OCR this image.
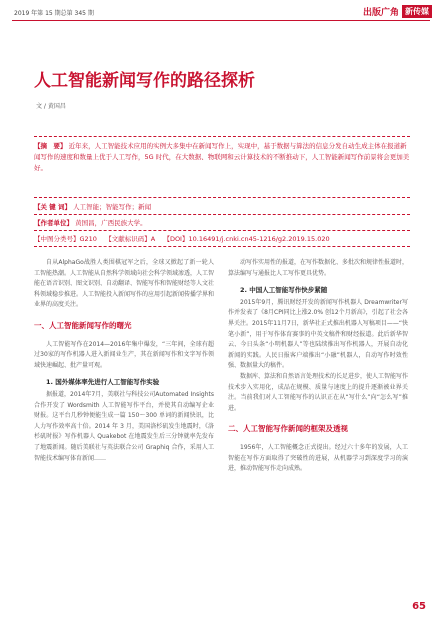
2019 年第 15 期总第 345 期	出版广角 新传媒
人工智能新闻写作的路径探析
文 / 黄国昌
【摘　要】 近年来，人工智能技术应用的实例大多集中在新闻写作上，实现中，基于数据与算法的信息分发自动生成主体在报道新闻写作的速度和数量上优于人工写作，5G 时代，在大数据、物联网和云计算技术的不断推动下，人工智能新闻写作前景将会更加美好。
【关 键 词】 人工智能；智能写作；新闻
【作者单位】 黄国昌，广西民族大学。
【中图分类号】G210 【文献标识码】A 【DOI】10.16491/j.cnki.cn45-1216/g2.2019.15.020

自从AlphaGo战胜人类围棋冠军之后，全球又掀起了新一轮人工智能热潮。人工智能从自然科学领域向社会科学领域渗透，人工智能在语音识别、图文识别、自动翻译、智能写作和智能财经等人文社科领域稳步推进。人工智能投入新闻写作的应用引起新闻传播学界和业界的高度关注。

一、人工智能新闻写作的曙光

人工智能写作在2014—2016年集中爆发，“三年间，全球有超过30家的写作机器人进入新闻业生产，其在新闻写作和文字写作领域快速崛起、批产量可观。

1. 国外媒体率先进行人工智能写作实验

据报道，2014年7月，美联社与科技公司Automated Insights 合作开发了 Wordsmith 人工智能写作平台，并使其自动编写企业财报。这平台几秒钟便能生成一篇 150～300 单词的新闻快讯，比人力写作效率高十倍。2014 年 3 月，美国洛杉矶发生地震时，《洛杉矶时报》写作机器人 Quakebot 在地震发生后三分钟就率先发布了地震新闻。随后美联社与英法联合公司 Graphiq 合作，采用人工智能技术编写体育新闻……

动写作实用性的报道，在写作数据化、多批次和规律性报道时，算法编写与通报比人工写作更具优势。

2. 中国人工智能写作快步紧随

2015年9月，腾讯财经开发的新闻写作机器人 Dreamwriter写作并发表了《8月CPI同比上涨2.0% 创12个月新高》，引起了社会各界关注。2015年11月7日，新华社正式推出机器人写稿项目——“快笔小新”，用于写作体育赛事的中英文稿件和财经报道。此后新华智云、今日头条“小明机器人”等也陆续推出写作机器人，开展自动化新闻的实践。人民日报客户端推出“小融”机器人，自动写作时效性强、数据量大的稿件。

数据库、算法和自然语言处理技术的长足进步，使人工智能写作技术步入实用化，成品在规模、质量与速度上的提升逐渐被业界关注。当前我们对人工智能写作的认识正在从“写什么”向“怎么写”推进。

二、人工智能写作新闻的框架及透视

1956年，人工智能概念正式提出。经过六十多年的发展，人工智能在写作方面取得了突破性的进展，从机器学习到深度学习的演进，推动智能写作走向成熟。

65
